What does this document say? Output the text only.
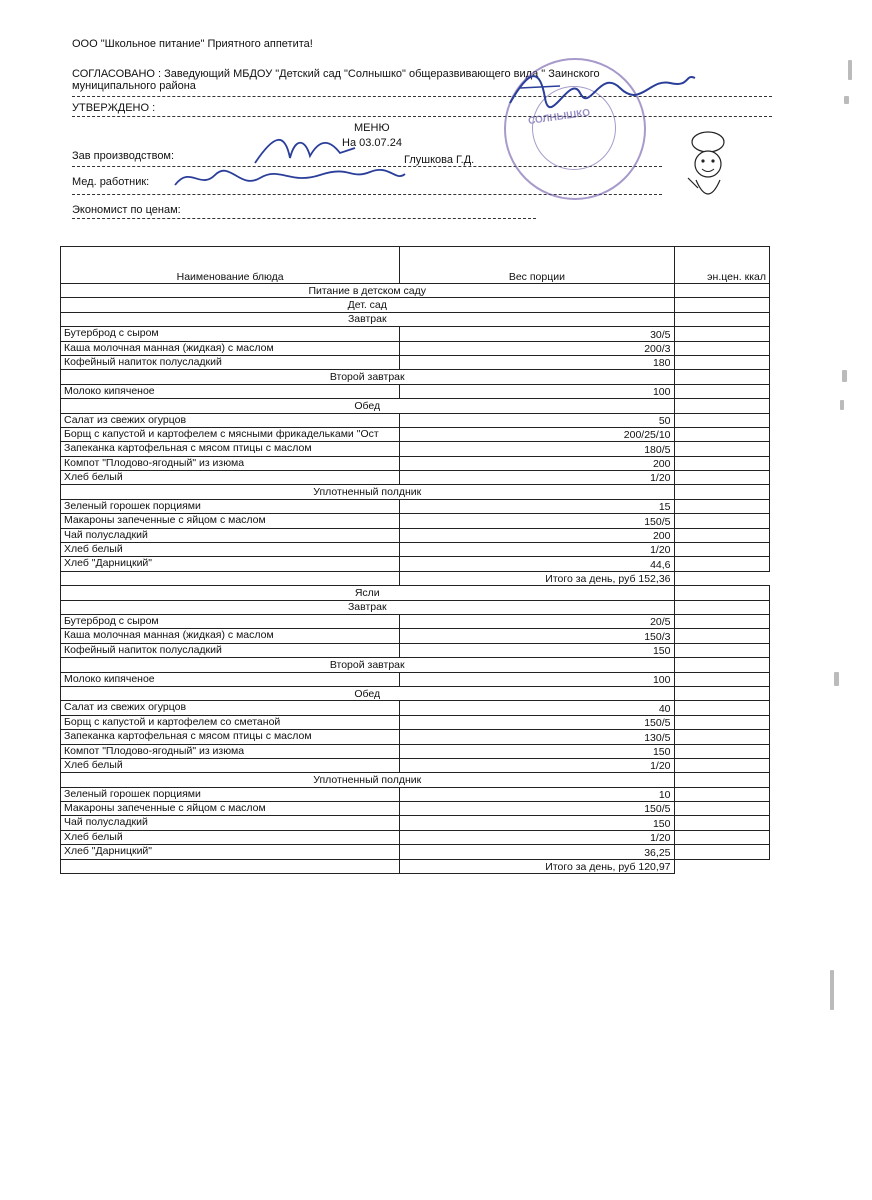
ООО "Школьное питание" Приятного аппетита!
СОГЛАСОВАНО : Заведующий МБДОУ "Детский сад "Солнышко" общеразвивающего вида " Заинского
муниципального района
УТВЕРЖДЕНО :
МЕНЮ
На 03.07.24
Зав производством:	Глушкова Г.Д.
Мед. работник:
Экономист по ценам:
СОЛНЫШКО
Наименование блюда	Вес порции	эн.цен. ккал
Питание в детском саду		
Дет. сад		
Завтрак		
Бутерброд с сыром	30/5	
Каша молочная манная (жидкая) с маслом	200/3	
Кофейный напиток полусладкий	180	
Второй завтрак		
Молоко кипяченое	100	
Обед		
Салат из свежих огурцов	50	
Борщ с капустой и картофелем с мясными фрикадельками "Ост	200/25/10	
Запеканка картофельная с мясом птицы с маслом	180/5	
Компот "Плодово-ягодный" из изюма	200	
Хлеб белый	1/20	
Уплотненный полдник		
Зеленый горошек порциями	15	
Макароны запеченные с яйцом с маслом	150/5	
Чай полусладкий	200	
Хлеб белый	1/20	
Хлеб "Дарницкий"	44,6	
	Итого за день, руб 152,36	
Ясли		
Завтрак		
Бутерброд с сыром	20/5	
Каша молочная манная (жидкая) с маслом	150/3	
Кофейный напиток полусладкий	150	
Второй завтрак		
Молоко кипяченое	100	
Обед		
Салат из свежих огурцов	40	
Борщ с капустой и картофелем со сметаной	150/5	
Запеканка картофельная с мясом птицы с маслом	130/5	
Компот "Плодово-ягодный" из изюма	150	
Хлеб белый	1/20	
Уплотненный полдник		
Зеленый горошек порциями	10	
Макароны запеченные с яйцом с маслом	150/5	
Чай полусладкий	150	
Хлеб белый	1/20	
Хлеб "Дарницкий"	36,25	
	Итого за день, руб 120,97	
